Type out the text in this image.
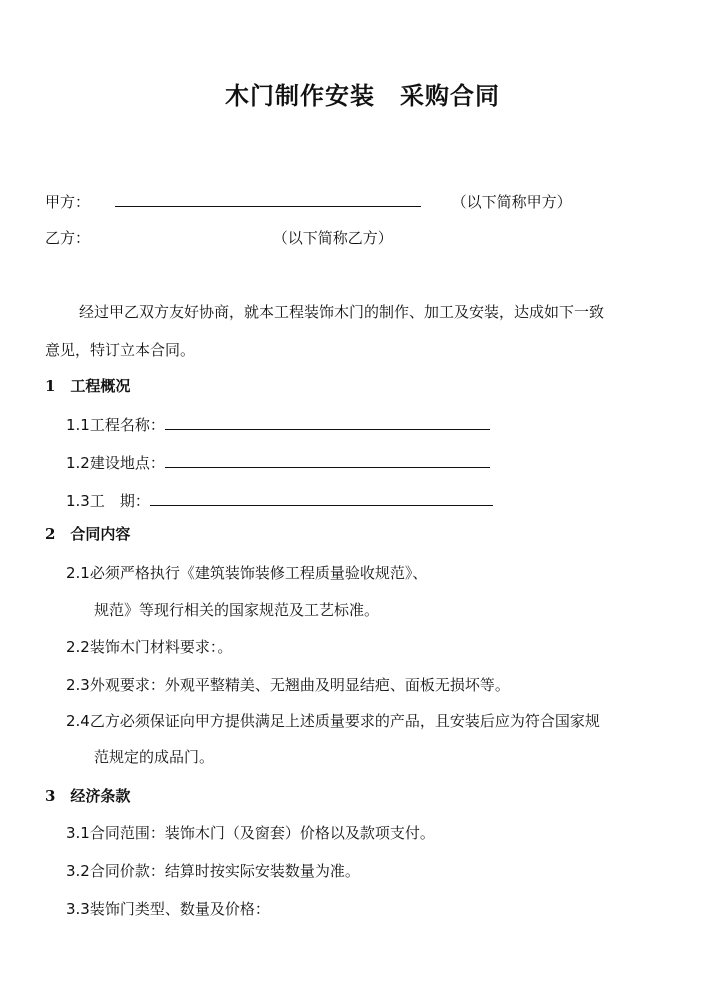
木门制作安装　采购合同
甲方：	（以下简称甲方）
乙方：	（以下简称乙方）
经过甲乙双方友好协商，就本工程装饰木门的制作、加工及安装，达成如下一致
意见，特订立本合同。
1　工程概况
1.1工程名称：
1.2建设地点：
1.3工　期：
2　合同内容
2.1必须严格执行《建筑装饰装修工程质量验收规范》、
规范》等现行相关的国家规范及工艺标准。
2.2装饰木门材料要求：。
2.3外观要求：外观平整精美、无翘曲及明显结疤、面板无损坏等。
2.4乙方必须保证向甲方提供满足上述质量要求的产品，且安装后应为符合国家规
范规定的成品门。
3　经济条款
3.1合同范围：装饰木门（及窗套）价格以及款项支付。
3.2合同价款：结算时按实际安装数量为准。
3.3装饰门类型、数量及价格：
